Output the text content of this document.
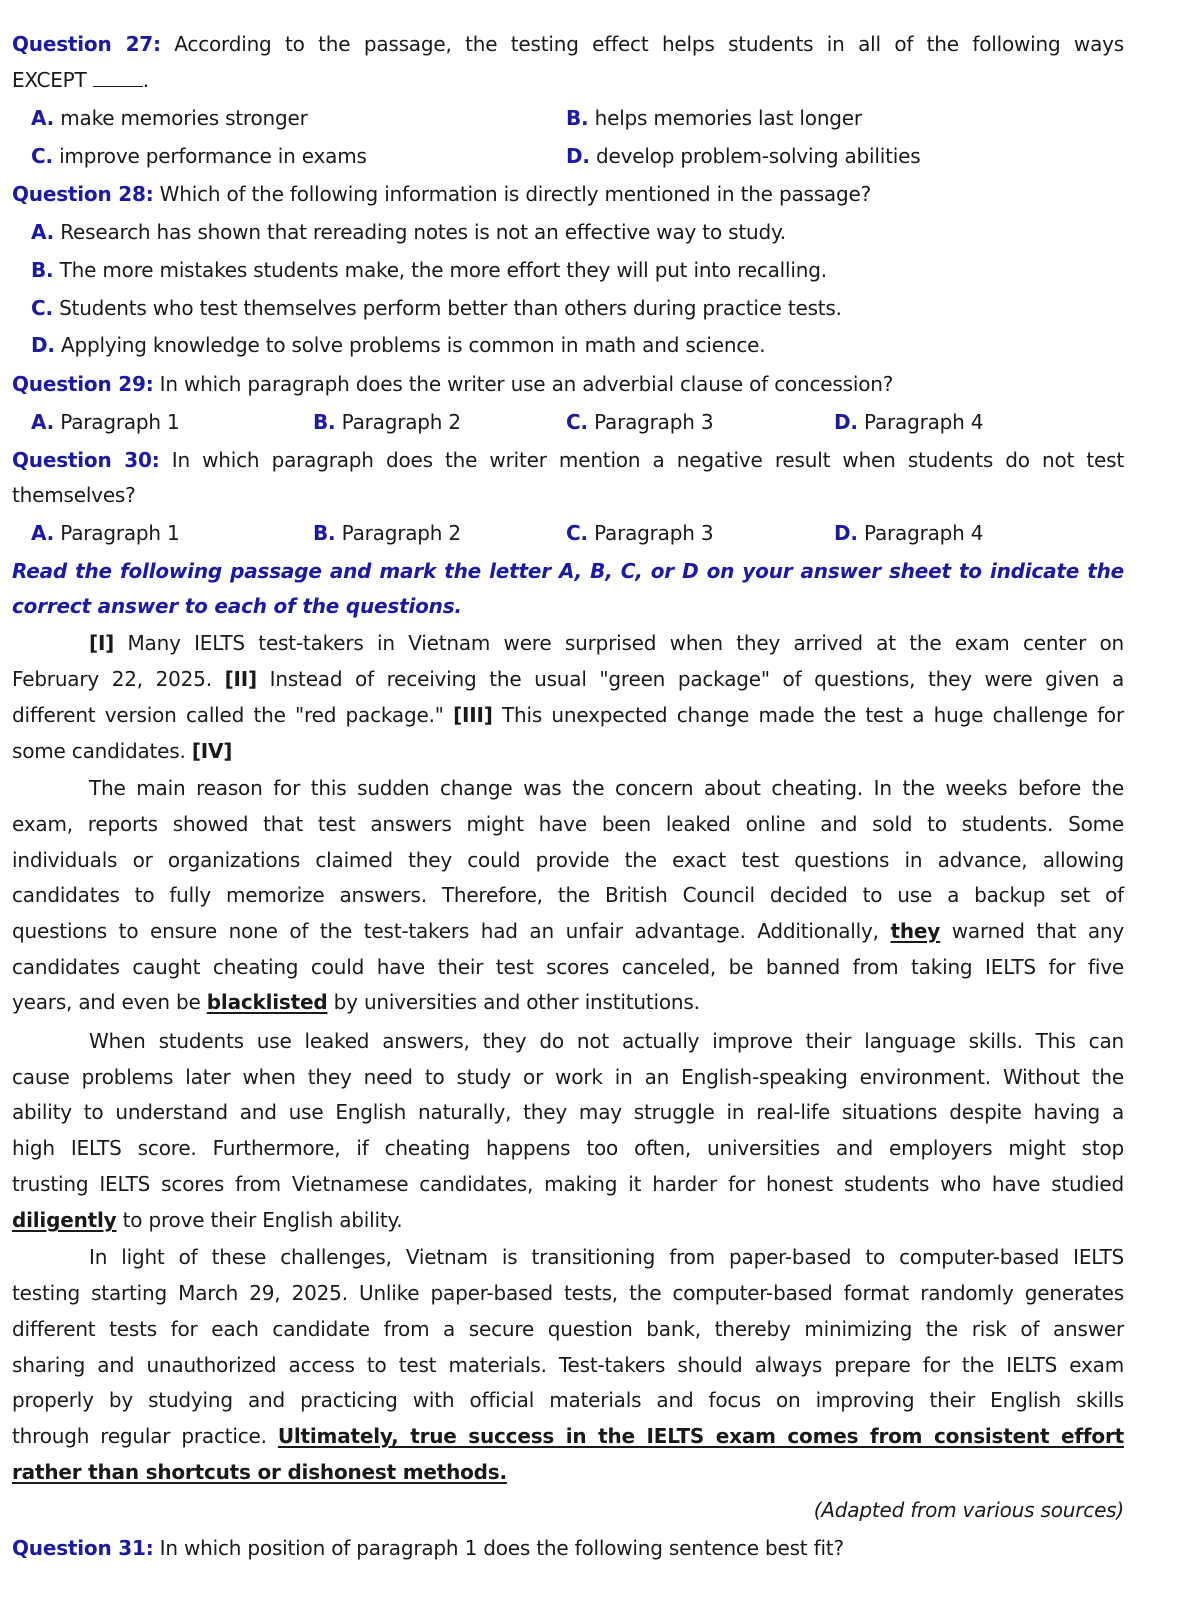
Question 27: According to the passage, the testing effect helps students in all of the following ways
EXCEPT	.
A. make memories stronger	B. helps memories last longer
C. improve performance in exams	D. develop problem-solving abilities
Question 28: Which of the following information is directly mentioned in the passage?
A. Research has shown that rereading notes is not an effective way to study.
B. The more mistakes students make, the more effort they will put into recalling.
C. Students who test themselves perform better than others during practice tests.
D. Applying knowledge to solve problems is common in math and science.
Question 29: In which paragraph does the writer use an adverbial clause of concession?
A. Paragraph 1	B. Paragraph 2	C. Paragraph 3	D. Paragraph 4
Question 30: In which paragraph does the writer mention a negative result when students do not test
themselves?
A. Paragraph 1	B. Paragraph 2	C. Paragraph 3	D. Paragraph 4
Read the following passage and mark the letter A, B, C, or D on your answer sheet to indicate the
correct answer to each of the questions.
[I] Many IELTS test-takers in Vietnam were surprised when they arrived at the exam center on
February 22, 2025. [II] Instead of receiving the usual "green package" of questions, they were given a
different version called the "red package." [III] This unexpected change made the test a huge challenge for
some candidates. [IV]
The main reason for this sudden change was the concern about cheating. In the weeks before the
exam, reports showed that test answers might have been leaked online and sold to students. Some
individuals or organizations claimed they could provide the exact test questions in advance, allowing
candidates to fully memorize answers. Therefore, the British Council decided to use a backup set of
questions to ensure none of the test-takers had an unfair advantage. Additionally, they warned that any
candidates caught cheating could have their test scores canceled, be banned from taking IELTS for five
years, and even be blacklisted by universities and other institutions.
When students use leaked answers, they do not actually improve their language skills. This can
cause problems later when they need to study or work in an English-speaking environment. Without the
ability to understand and use English naturally, they may struggle in real-life situations despite having a
high IELTS score. Furthermore, if cheating happens too often, universities and employers might stop
trusting IELTS scores from Vietnamese candidates, making it harder for honest students who have studied
diligently to prove their English ability.
In light of these challenges, Vietnam is transitioning from paper-based to computer-based IELTS
testing starting March 29, 2025. Unlike paper-based tests, the computer-based format randomly generates
different tests for each candidate from a secure question bank, thereby minimizing the risk of answer
sharing and unauthorized access to test materials. Test-takers should always prepare for the IELTS exam
properly by studying and practicing with official materials and focus on improving their English skills
through regular practice. Ultimately, true success in the IELTS exam comes from consistent effort
rather than shortcuts or dishonest methods.
(Adapted from various sources)
Question 31: In which position of paragraph 1 does the following sentence best fit?
